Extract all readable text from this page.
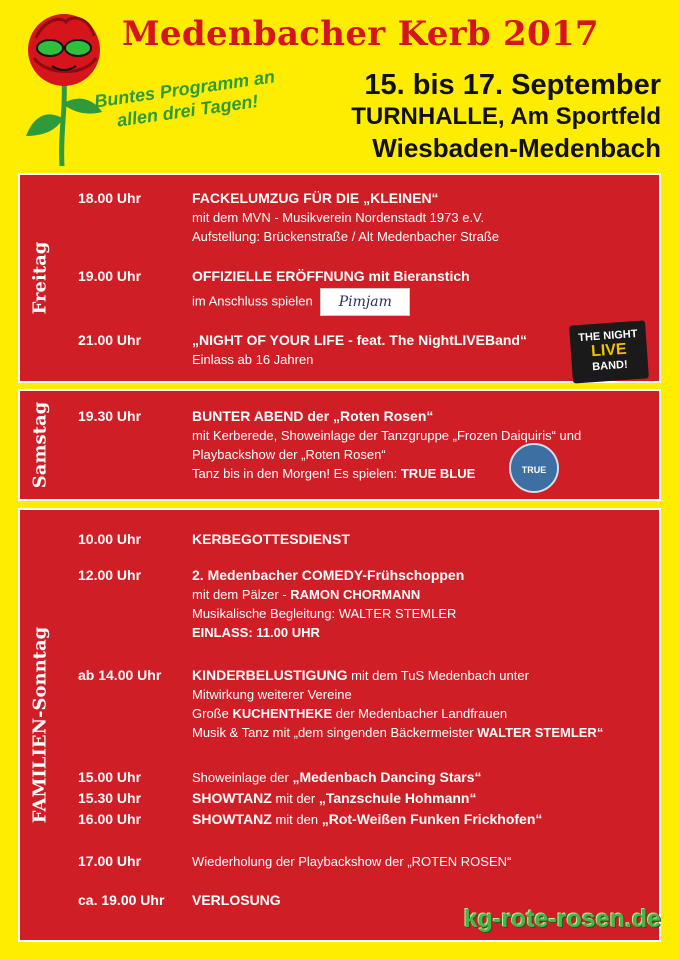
Medenbacher Kerb 2017
Buntes Programm an allen drei Tagen!
15. bis 17. September
TURNHALLE, Am Sportfeld
Wiesbaden-Medenbach
Freitag
18.00 Uhr	FACKELUMZUG FÜR DIE „KLEINEN“
mit dem MVN - Musikverein Nordenstadt 1973 e.V.
Aufstellung: Brückenstraße / Alt Medenbacher Straße
19.00 Uhr	OFFIZIELLE ERÖFFNUNG mit Bieranstich
im Anschluss spielen Pimjam
21.00 Uhr	„NIGHT OF YOUR LIFE - feat. The NightLIVEBand“
Einlass ab 16 Jahren
THE NIGHT
LIVE
BAND!
Samstag 19.30 Uhr	BUNTER ABEND der „Roten Rosen“
mit Kerberede, Showeinlage der Tanzgruppe „Frozen Daiquiris“ und
Playbackshow der „Roten Rosen“
Tanz bis in den Morgen! Es spielen: TRUE BLUE	TRUE
FAMILIEN-Sonntag
10.00 Uhr	KERBEGOTTESDIENST
12.00 Uhr	2. Medenbacher COMEDY-Frühschoppen
mit dem Pälzer - RAMON CHORMANN
Musikalische Begleitung: WALTER STEMLER
EINLASS: 11.00 UHR
ab 14.00 Uhr KINDERBELUSTIGUNG mit dem TuS Medenbach unter
Mitwirkung weiterer Vereine
Große KUCHENTHEKE der Medenbacher Landfrauen
Musik & Tanz mit „dem singenden Bäckermeister WALTER STEMLER“
15.00 Uhr	Showeinlage der „Medenbach Dancing Stars“
15.30 Uhr	SHOWTANZ mit der „Tanzschule Hohmann“
16.00 Uhr	SHOWTANZ mit den „Rot-Weißen Funken Frickhofen“
17.00 Uhr	Wiederholung der Playbackshow der „ROTEN ROSEN“
ca. 19.00 Uhr VERLOSUNG
kg-rote-rosen.de
